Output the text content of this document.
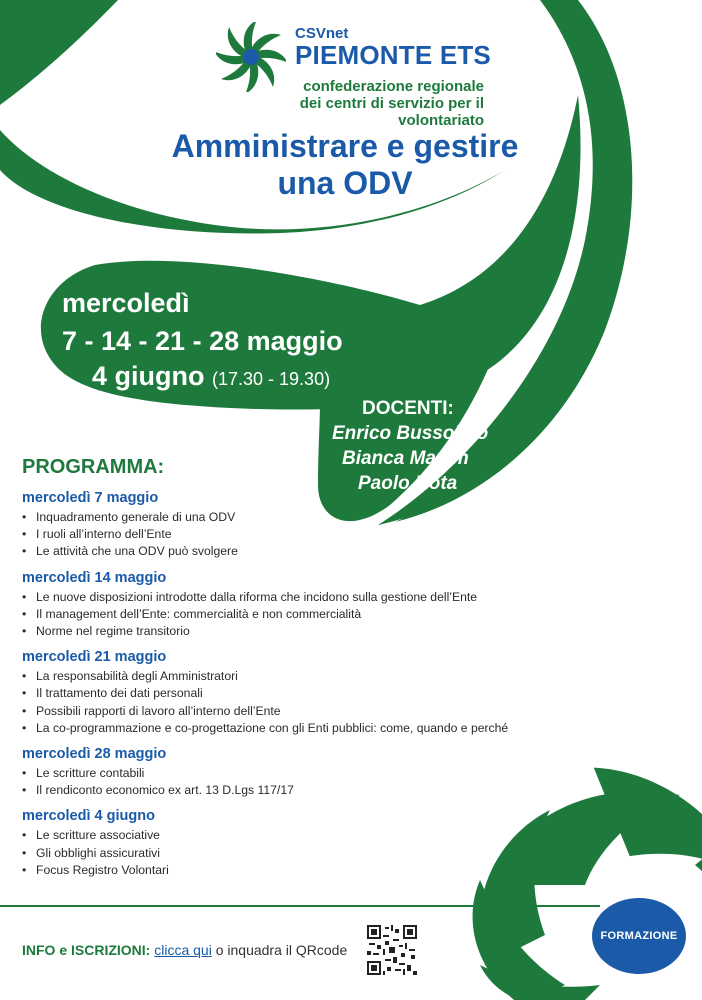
CSVnet
PIEMONTE ETS
confederazione regionale
dei centri di servizio per il volontariato
Amministrare e gestire
una ODV
mercoledì
7 - 14 - 21 - 28 maggio
4 giugno (17.30 - 19.30)
DOCENTI:
Enrico Bussolino
Bianca Maxim
Paolo Rota
PROGRAMMA:
mercoledì 7 maggio
• Inquadramento generale di una ODV
• I ruoli all’interno dell’Ente
• Le attività che una ODV può svolgere
mercoledì 14 maggio
• Le nuove disposizioni introdotte dalla riforma che incidono sulla gestione dell’Ente
• Il management dell’Ente: commercialità e non commercialità
• Norme nel regime transitorio
mercoledì 21 maggio
• La responsabilità degli Amministratori
• Il trattamento dei dati personali
• Possibili rapporti di lavoro all’interno dell’Ente
• La co-programmazione e co-progettazione con gli Enti pubblici: come, quando e perché
mercoledì 28 maggio
• Le scritture contabili
• Il rendiconto economico ex art. 13 D.Lgs 117/17
mercoledì 4 giugno
• Le scritture associative
• Gli obblighi assicurativi
• Focus Registro Volontari
INFO e ISCRIZIONI: clicca qui o inquadra il QRcode
FORMAZIONE
